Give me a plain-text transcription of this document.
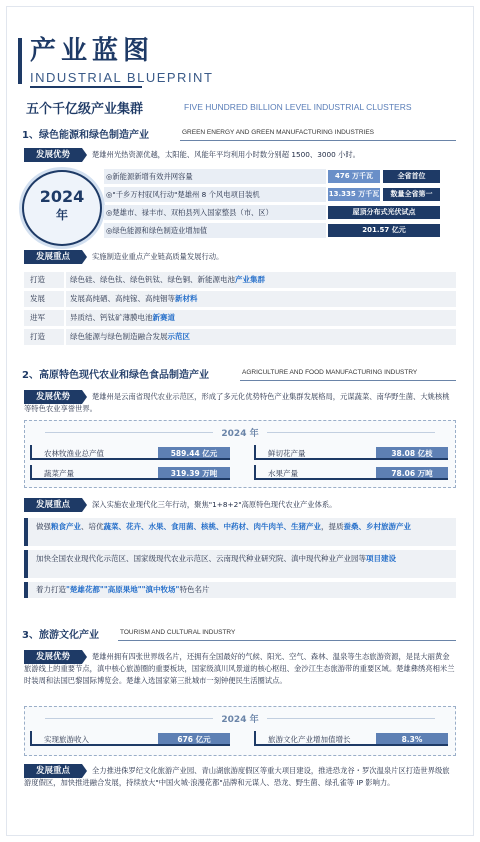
产业蓝图
INDUSTRIAL BLUEPRINT
五个千亿级产业集群	FIVE HUNDRED BILLION LEVEL INDUSTRIAL CLUSTERS
1、绿色能源和绿色制造产业	GREEN ENERGY AND GREEN MANUFACTURING INDUSTRIES
发展优势	楚雄州光热资源优越，太阳能、风能年平均利用小时数分别超 1500、3000 小时。
2024
年
◎新能源新增有效并网容量	476 万千瓦	全省首位
◎"千乡万村驭风行动"楚雄州 8 个风电项目装机	13.335 万千瓦	数量全省第一
◎楚雄市、禄丰市、双柏县列入国家整县（市、区）	屋顶分布式光伏试点
◎绿色能源和绿色制造业增加值	201.57 亿元
发展重点	实施制造业重点产业链高质量发展行动。
打造	绿色硅、绿色钛、绿色钒钛、绿色铜、新能源电池产业集群
发展	发展高纯硒、高纯镓、高纯铟等新材料
进军	异质结、钙钛矿薄膜电池新赛道
打造	绿色能源与绿色制造融合发展示范区
2、高原特色现代农业和绿色食品制造产业	AGRICULTURE AND FOOD MANUFACTURING INDUSTRY
发展优势	楚雄州是云南省现代农业示范区，形成了多元化优势特色产业集群发展格局，元谋蔬菜、南华野生菌、大姚核桃等特色农业享誉世界。
2024 年
农林牧渔业总产值	589.44 亿元	鲜切花产量	38.08 亿枝
蔬菜产量	319.39 万吨	水果产量	78.06 万吨
发展重点	深入实施农业现代化三年行动，聚焦"1+8+2"高原特色现代农业产业体系。
做强粮食产业、培优蔬菜、花卉、水果、食用菌、核桃、中药材、肉牛肉羊、生猪产业，提质蚕桑、乡村旅游产业
加快全国农业现代化示范区、国家级现代农业示范区、云南现代种业研究院、滇中现代种业产业园等项目建设
着力打造"楚雄花都""高原果地""滇中牧场"特色名片
3、旅游文化产业	TOURISM AND CULTURAL INDUSTRY
发展优势	楚雄州拥有四张世界级名片，还拥有全国最好的气候、阳光、空气、森林、温泉等生态旅游资源，是昆大丽黄金旅游线上的重要节点，滇中核心旅游圈的重要板块，国家级滇川风景道的核心枢纽、金沙江生态旅游带的重要区域。楚雄彝绣亮相米兰时装周和法国巴黎国际博览会。楚雄入选国家第三批城市一刻钟便民生活圈试点。
2024 年
实现旅游收入	676 亿元	旅游文化产业增加值增长	8.3%
发展重点	全力推进侏罗纪文化旅游产业园、青山湖旅游度假区等重大项目建设，推进恐龙谷・罗次温泉片区打造世界级旅游度假区，加快推进融合发展，持续放大"中国火城·浪漫花都"品牌和元谋人、恐龙、野生菌、绿孔雀等 IP 影响力。
